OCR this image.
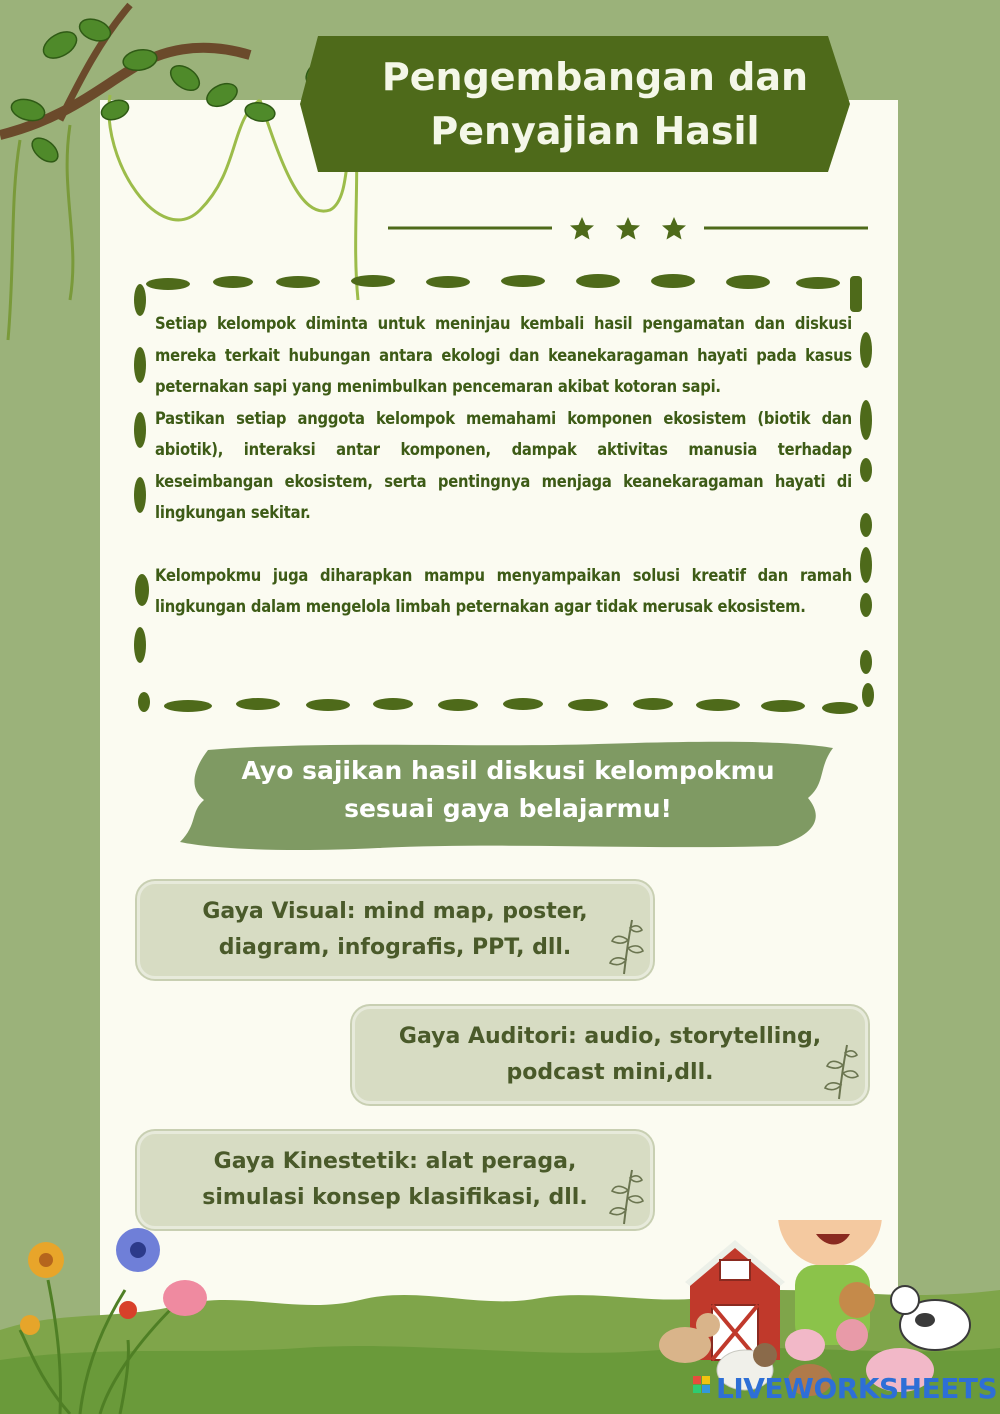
Pengembangan dan
Penyajian Hasil

Setiap kelompok diminta untuk meninjau kembali hasil pengamatan dan diskusi mereka terkait hubungan antara ekologi dan keanekaragaman hayati pada kasus peternakan sapi yang menimbulkan pencemaran akibat kotoran sapi.

Pastikan setiap anggota kelompok memahami komponen ekosistem (biotik dan abiotik), interaksi antar komponen, dampak aktivitas manusia terhadap keseimbangan ekosistem, serta pentingnya menjaga keanekaragaman hayati di lingkungan sekitar.

Kelompokmu juga diharapkan mampu menyampaikan solusi kreatif dan ramah lingkungan dalam mengelola limbah peternakan agar tidak merusak ekosistem.

Ayo sajikan hasil diskusi kelompokmu
sesuai gaya belajarmu!
Gaya Visual: mind map, poster,
diagram, infografis, PPT, dll.
Gaya Auditori: audio, storytelling,
podcast mini,dll.
Gaya Kinestetik: alat peraga,
simulasi konsep klasifikasi, dll.
LIVEWORKSHEETS
